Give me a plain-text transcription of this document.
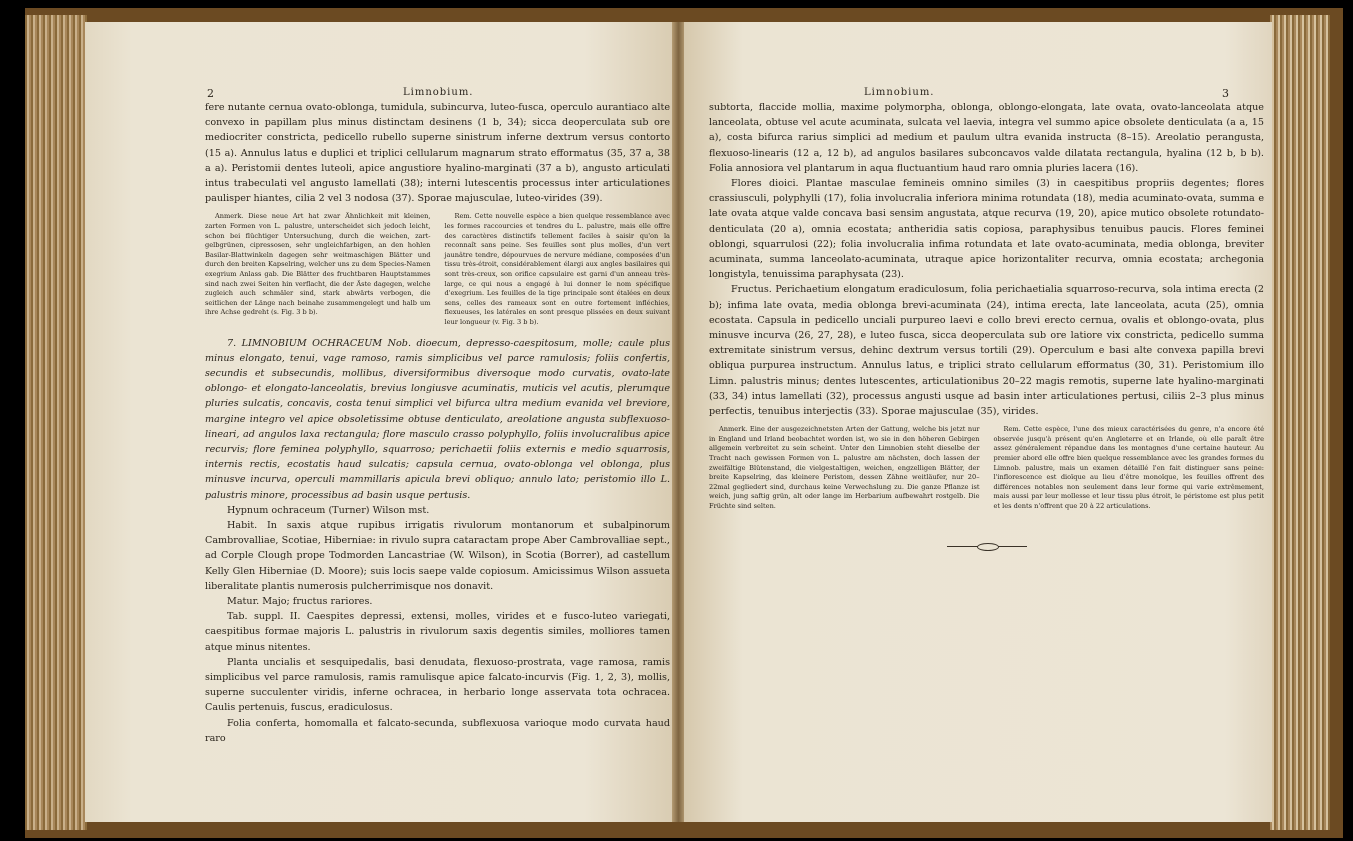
2	Limnobium.

fere nutante cernua ovato-oblonga, tumidula, subincurva, luteo-fusca, operculo aurantiaco alte convexo in papillam plus minus distinctam desinens (1 b, 34); sicca deoperculata sub ore mediocriter constricta, pedicello rubello superne sinistrum inferne dextrum versus contorto (15 a). Annulus latus e duplici et triplici cellularum magnarum strato efformatus (35, 37 a, 38 a a). Peristomii dentes luteoli, apice angustiore hyalino-marginati (37 a b), angusto articulati intus trabeculati vel angusto lamellati (38); interni lutescentis processus inter articulationes paulisper hiantes, cilia 2 vel 3 nodosa (37). Sporae majusculae, luteo-virides (39).

Anmerk. Diese neue Art hat zwar Ähnlichkeit mit kleinen, zarten Formen von L. palustre, unterscheidet sich jedoch leicht, schon bei flüchtiger Untersuchung, durch die weichen, zart-gelbgrünen, cipressosen, sehr ungleichfarbigen, an den hohlen Basilar-Blattwinkeln dagegen sehr weitmaschigen Blätter und durch den breiten Kapselring, welcher uns zu dem Species-Namen exegrium Anlass gab. Die Blätter des fruchtbaren Hauptstammes sind nach zwei Seiten hin verflacht, die der Äste dagegen, welche zugleich auch schmäler sind, stark abwärts verbogen, die seitlichen der Länge nach beinahe zusammengelegt und halb um ihre Achse gedreht (s. Fig. 3 b b).

Rem. Cette nouvelle espèce a bien quelque ressemblance avec les formes raccourcies et tendres du L. palustre, mais elle offre des caractères distinctifs tellement faciles à saisir qu'on la reconnaît sans peine. Ses feuilles sont plus molles, d'un vert jaunâtre tendre, dépourvues de nervure médiane, composées d'un tissu très-étroit, considérablement élargi aux angles basilaires qui sont très-creux, son orifice capsulaire est garni d'un anneau très-large, ce qui nous a engagé à lui donner le nom spécifique d'exegrium. Les feuilles de la tige principale sont étalées en deux sens, celles des rameaux sont en outre fortement infléchies, flexueuses, les latérales en sont presque plissées en deux suivant leur longueur (v. Fig. 3 b b).

7. LIMNOBIUM OCHRACEUM Nob. dioecum, depresso-caespitosum, molle; caule plus minus elongato, tenui, vage ramoso, ramis simplicibus vel parce ramulosis; foliis confertis, secundis et subsecundis, mollibus, diversiformibus diversoque modo curvatis, ovato-late oblongo- et elongato-lanceolatis, brevius longiusve acuminatis, muticis vel acutis, plerumque pluries sulcatis, concavis, costa tenui simplici vel bifurca ultra medium evanida vel breviore, margine integro vel apice obsoletissime obtuse denticulato, areolatione angusta subflexuoso-lineari, ad angulos laxa rectangula; flore masculo crasso polyphyllo, foliis involucralibus apice recurvis; flore feminea polyphyllo, squarroso; perichaetii foliis externis e medio squarrosis, internis rectis, ecostatis haud sulcatis; capsula cernua, ovato-oblonga vel oblonga, plus minusve incurva, operculi mammillaris apicula brevi obliquo; annulo lato; peristomio illo L. palustris minore, processibus ad basin usque pertusis.

Hypnum ochraceum (Turner) Wilson mst.

Habit. In saxis atque rupibus irrigatis rivulorum montanorum et subalpinorum Cambrovalliae, Scotiae, Hiberniae: in rivulo supra cataractam prope Aber Cambrovalliae sept., ad Corple Clough prope Todmorden Lancastriae (W. Wilson), in Scotia (Borrer), ad castellum Kelly Glen Hiberniae (D. Moore); suis locis saepe valde copiosum. Amicissimus Wilson assueta liberalitate plantis numerosis pulcherrimisque nos donavit.

Matur. Majo; fructus rariores.

Tab. suppl. II. Caespites depressi, extensi, molles, virides et e fusco-luteo variegati, caespitibus formae majoris L. palustris in rivulorum saxis degentis similes, molliores tamen atque minus nitentes.

Planta uncialis et sesquipedalis, basi denudata, flexuoso-prostrata, vage ramosa, ramis simplicibus vel parce ramulosis, ramis ramulisque apice falcato-incurvis (Fig. 1, 2, 3), mollis, superne succulenter viridis, inferne ochracea, in herbario longe asservata tota ochracea. Caulis pertenuis, fuscus, eradiculosus.

Folia conferta, homomalla et falcato-secunda, subflexuosa varioque modo curvata haud raro

Limnobium.	3

subtorta, flaccide mollia, maxime polymorpha, oblonga, oblongo-elongata, late ovata, ovato-lanceolata atque lanceolata, obtuse vel acute acuminata, sulcata vel laevia, integra vel summo apice obsolete denticulata (a a, 15 a), costa bifurca rarius simplici ad medium et paulum ultra evanida instructa (8–15). Areolatio perangusta, flexuoso-linearis (12 a, 12 b), ad angulos basilares subconcavos valde dilatata rectangula, hyalina (12 b, b b). Folia annosiora vel plantarum in aqua fluctuantium haud raro omnia pluries lacera (16).

Flores dioici. Plantae masculae femineis omnino similes (3) in caespitibus propriis degentes; flores crassiusculi, polyphylli (17), folia involucralia inferiora minima rotundata (18), media acuminato-ovata, summa e late ovata atque valde concava basi sensim angustata, atque recurva (19, 20), apice mutico obsolete rotundato-denticulata (20 a), omnia ecostata; antheridia satis copiosa, paraphysibus tenuibus paucis. Flores feminei oblongi, squarrulosi (22); folia involucralia infima rotundata et late ovato-acuminata, media oblonga, breviter acuminata, summa lanceolato-acuminata, utraque apice horizontaliter recurva, omnia ecostata; archegonia longistyla, tenuissima paraphysata (23).

Fructus. Perichaetium elongatum eradiculosum, folia perichaetialia squarroso-recurva, sola intima erecta (2 b); infima late ovata, media oblonga brevi-acuminata (24), intima erecta, late lanceolata, acuta (25), omnia ecostata. Capsula in pedicello unciali purpureo laevi e collo brevi erecto cernua, ovalis et oblongo-ovata, plus minusve incurva (26, 27, 28), e luteo fusca, sicca deoperculata sub ore latiore vix constricta, pedicello summa extremitate sinistrum versus, dehinc dextrum versus tortili (29). Operculum e basi alte convexa papilla brevi obliqua purpurea instructum. Annulus latus, e triplici strato cellularum efformatus (30, 31). Peristomium illo Limn. palustris minus; dentes lutescentes, articulationibus 20–22 magis remotis, superne late hyalino-marginati (33, 34) intus lamellati (32), processus angusti usque ad basin inter articulationes pertusi, ciliis 2–3 plus minus perfectis, tenuibus interjectis (33). Sporae majusculae (35), virides.

Anmerk. Eine der ausgezeichnetsten Arten der Gattung, welche bis jetzt nur in England und Irland beobachtet worden ist, wo sie in den höheren Gebirgen allgemein verbreitet zu sein scheint. Unter den Limnobien steht dieselbe der Tracht nach gewissen Formen von L. palustre am nächsten, doch lassen der zweifältige Blütenstand, die vielgestaltigen, weichen, engzelligen Blätter, der breite Kapselring, das kleinere Peristom, dessen Zähne weitläufer, nur 20–22mal gegliedert sind, durchaus keine Verwechslung zu. Die ganze Pflanze ist weich, jung saftig grün, alt oder lange im Herbarium aufbewahrt rostgelb. Die Früchte sind selten.

Rem. Cette espèce, l'une des mieux caractérisées du genre, n'a encore été observée jusqu'à présent qu'en Angleterre et en Irlande, où elle paraît être assez généralement répandue dans les montagnes d'une certaine hauteur. Au premier abord elle offre bien quelque ressemblance avec les grandes formes du Limnob. palustre, mais un examen détaillé l'en fait distinguer sans peine: l'inflorescence est dioïque au lieu d'être monoïque, les feuilles offrent des différences notables non seulement dans leur forme qui varie extrêmement, mais aussi par leur mollesse et leur tissu plus étroit, le péristome est plus petit et les dents n'offrent que 20 à 22 articulations.
